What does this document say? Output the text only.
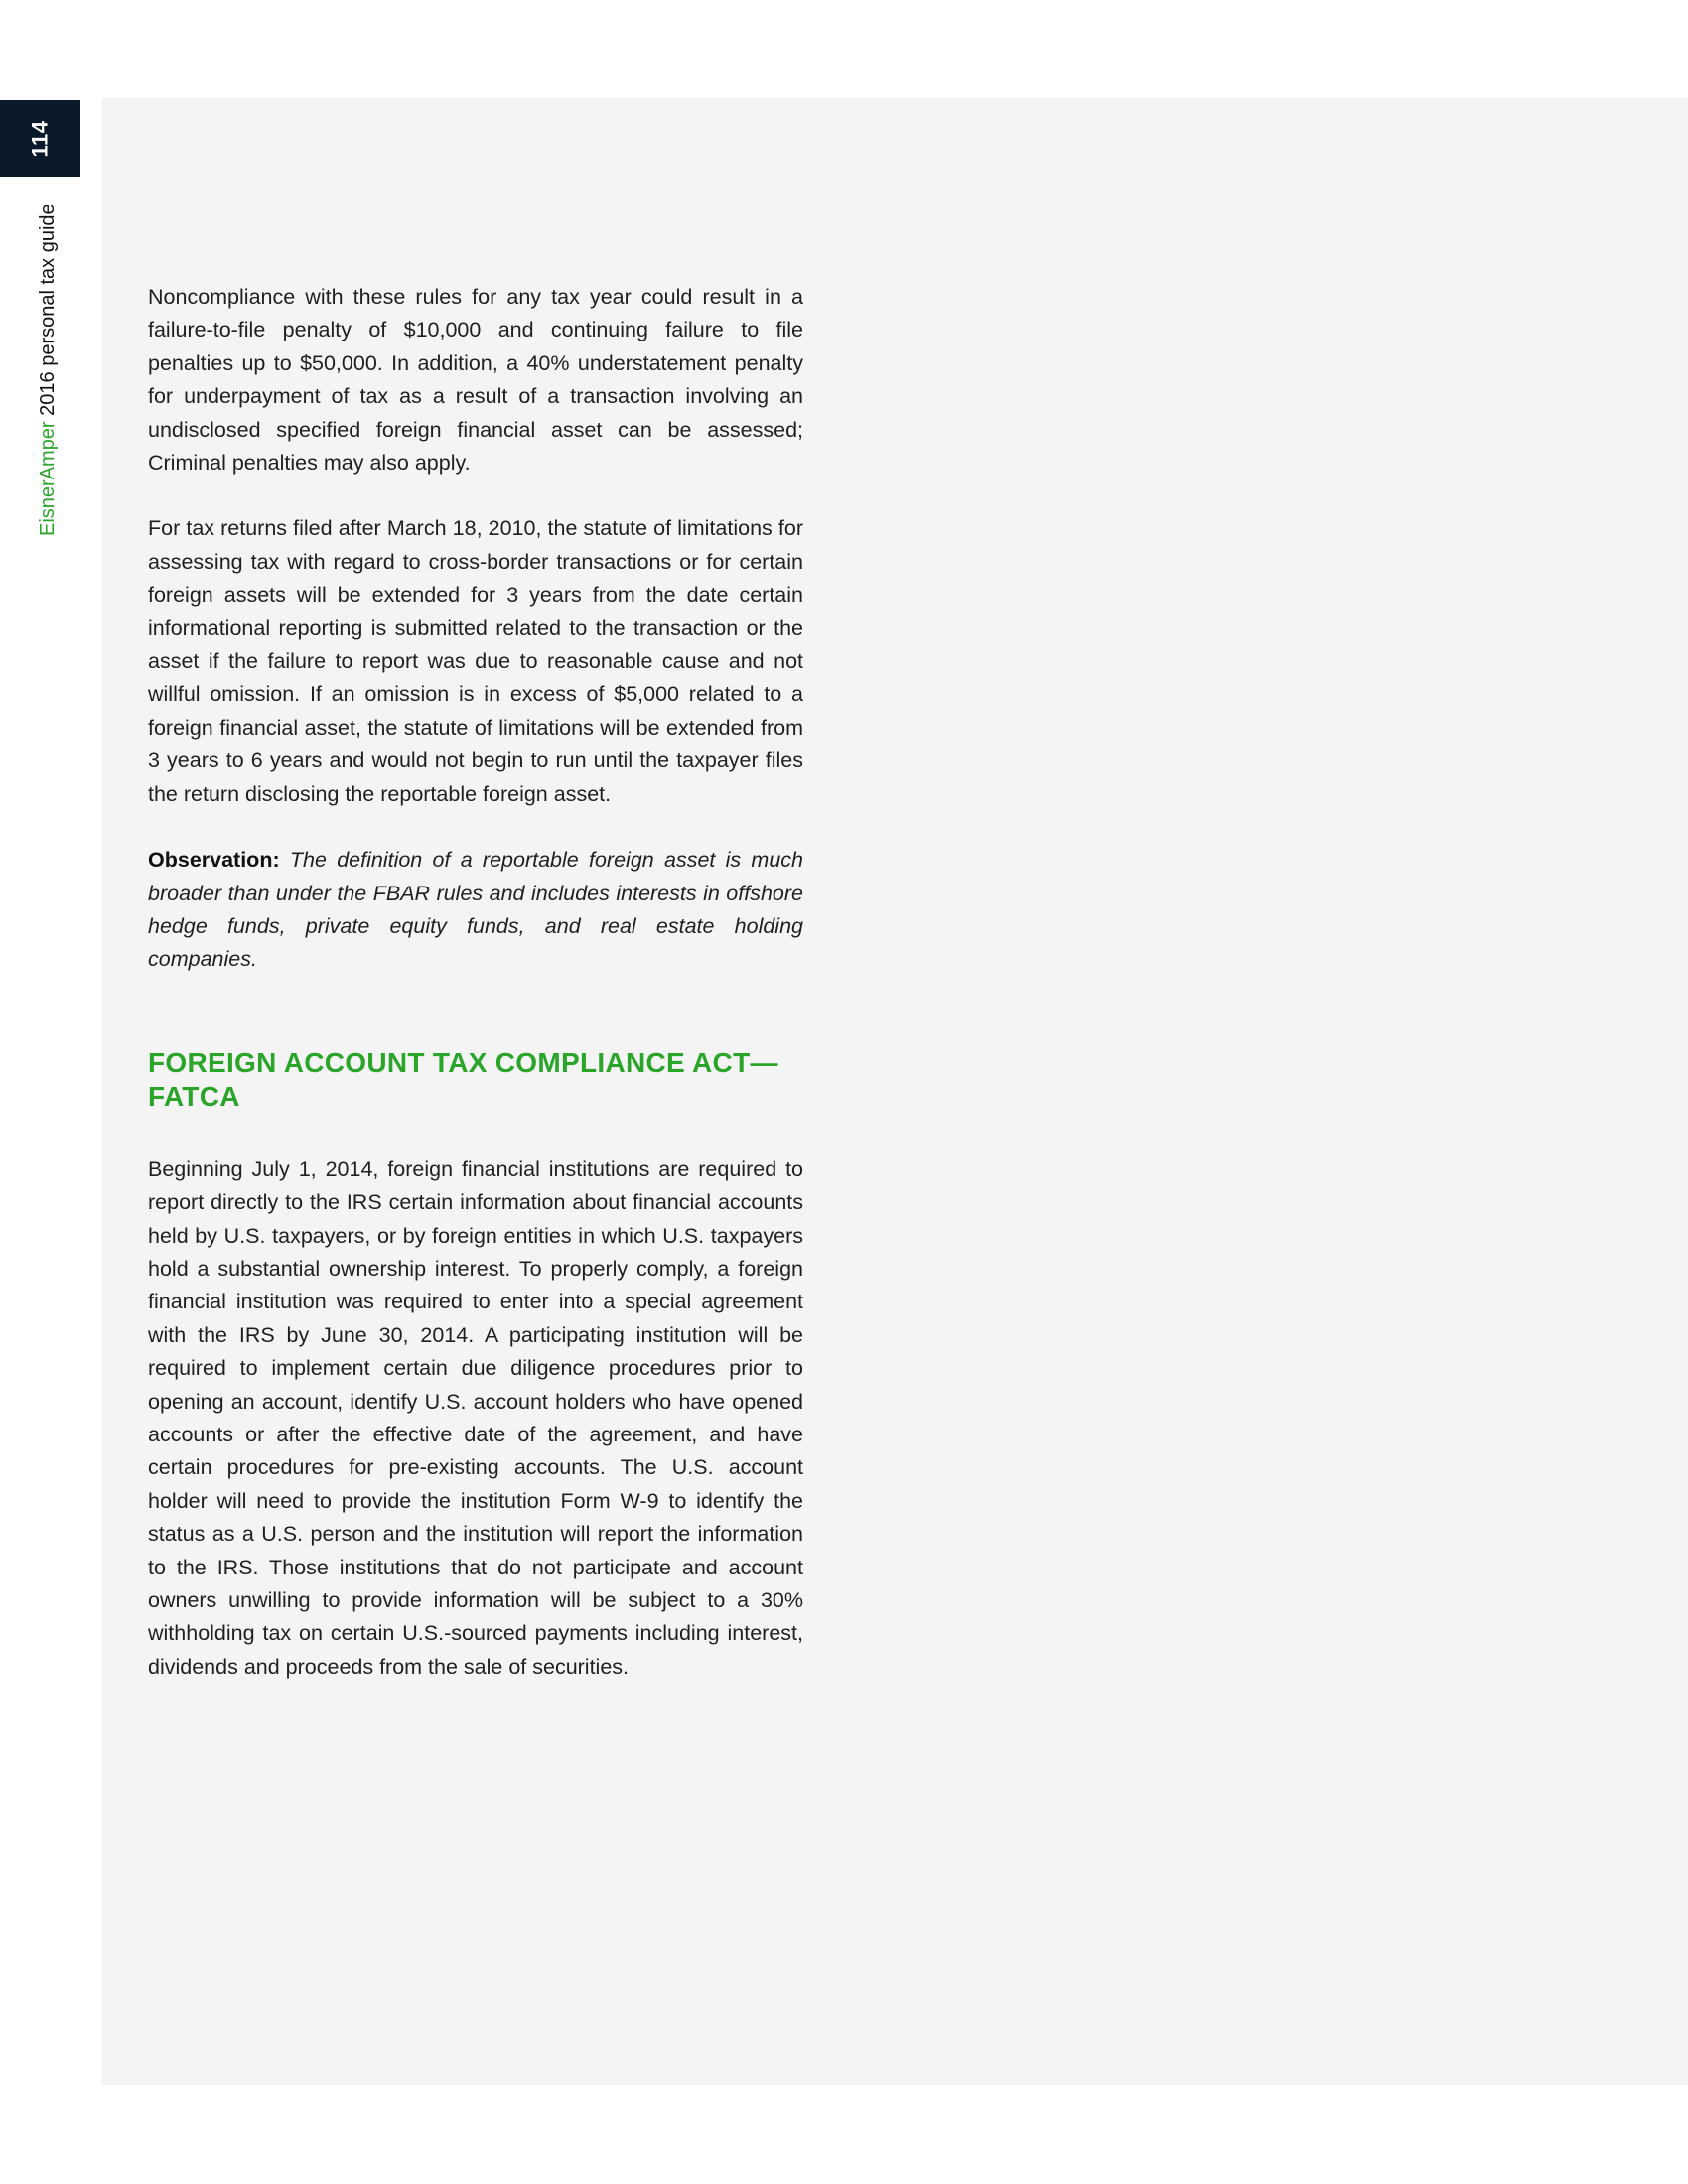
114
EisnerAmper 2016 personal tax guide	Noncompliance with these rules for any tax year could result in a failure-to-file penalty of $10,000 and continuing failure to file penalties up to $50,000. In addition, a 40% understatement penalty for underpayment of tax as a result of a transaction involving an undisclosed specified foreign financial asset can be assessed; Criminal penalties may also apply.

For tax returns filed after March 18, 2010, the statute of limitations for assessing tax with regard to cross-border transactions or for certain foreign assets will be extended for 3 years from the date certain informational reporting is submitted related to the transaction or the asset if the failure to report was due to reasonable cause and not willful omission. If an omission is in excess of $5,000 related to a foreign financial asset, the statute of limitations will be extended from 3 years to 6 years and would not begin to run until the taxpayer files the return disclosing the reportable foreign asset.

Observation: The definition of a reportable foreign asset is much broader than under the FBAR rules and includes interests in offshore hedge funds, private equity funds, and real estate holding companies.

FOREIGN ACCOUNT TAX COMPLIANCE ACT—
FATCA

Beginning July 1, 2014, foreign financial institutions are required to report directly to the IRS certain information about financial accounts held by U.S. taxpayers, or by foreign entities in which U.S. taxpayers hold a substantial ownership interest. To properly comply, a foreign financial institution was required to enter into a special agreement with the IRS by June 30, 2014. A participating institution will be required to implement certain due diligence procedures prior to opening an account, identify U.S. account holders who have opened accounts or after the effective date of the agreement, and have certain procedures for pre-existing accounts. The U.S. account holder will need to provide the institution Form W-9 to identify the status as a U.S. person and the institution will report the information to the IRS. Those institutions that do not participate and account owners unwilling to provide information will be subject to a 30% withholding tax on certain U.S.-sourced payments including interest, dividends and proceeds from the sale of securities.
